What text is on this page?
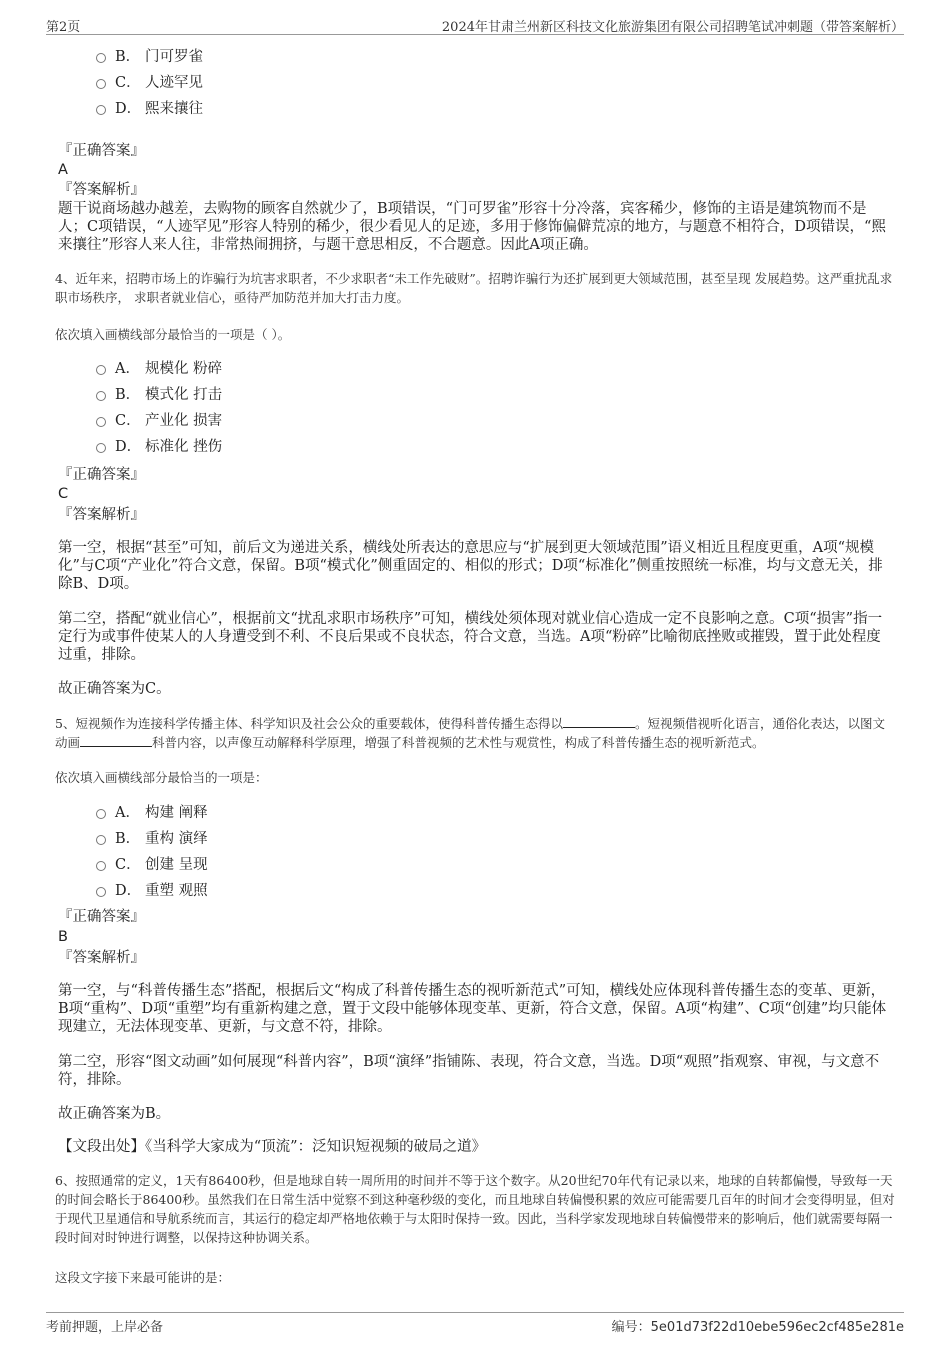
第2页	2024年甘肃兰州新区科技文化旅游集团有限公司招聘笔试冲刺题（带答案解析）
B． 门可罗雀
C． 人迹罕见
D． 熙来攘往
『正确答案』
A
『答案解析』
题干说商场越办越差，去购物的顾客自然就少了，B项错误，“门可罗雀”形容十分冷落，宾客稀少，修饰的主语是建筑物而不是人；C项错误，“人迹罕见”形容人特别的稀少，很少看见人的足迹，多用于修饰偏僻荒凉的地方，与题意不相符合，D项错误，“熙来攘往”形容人来人往，非常热闹拥挤，与题干意思相反，不合题意。因此A项正确。
4、近年来，招聘市场上的诈骗行为坑害求职者，不少求职者“未工作先破财”。招聘诈骗行为还扩展到更大领域范围，甚至呈现 发展趋势。这严重扰乱求职市场秩序， 求职者就业信心，亟待严加防范并加大打击力度。
依次填入画横线部分最恰当的一项是（ ）。
A． 规模化 粉碎
B． 模式化 打击
C． 产业化 损害
D． 标准化 挫伤
『正确答案』
C
『答案解析』
第一空，根据“甚至”可知，前后文为递进关系，横线处所表达的意思应与“扩展到更大领域范围”语义相近且程度更重，A项“规模化”与C项“产业化”符合文意，保留。B项“模式化”侧重固定的、相似的形式；D项“标准化”侧重按照统一标准，均与文意无关，排除B、D项。
第二空，搭配“就业信心”，根据前文“扰乱求职市场秩序”可知，横线处须体现对就业信心造成一定不良影响之意。C项“损害”指一定行为或事件使某人的人身遭受到不利、不良后果或不良状态，符合文意，当选。A项“粉碎”比喻彻底挫败或摧毁，置于此处程度过重，排除。
故正确答案为C。
5、短视频作为连接科学传播主体、科学知识及社会公众的重要载体，使得科普传播生态得以	。短视频借视听化语言，通俗化表达，以图文动画	科普内容，以声像互动解释科学原理，增强了科普视频的艺术性与观赏性，构成了科普传播生态的视听新范式。
依次填入画横线部分最恰当的一项是：
A． 构建 阐释
B． 重构 演绎
C． 创建 呈现
D． 重塑 观照
『正确答案』
B
『答案解析』
第一空，与“科普传播生态”搭配，根据后文“构成了科普传播生态的视听新范式”可知，横线处应体现科普传播生态的变革、更新，B项“重构”、D项“重塑”均有重新构建之意，置于文段中能够体现变革、更新，符合文意，保留。A项“构建”、C项“创建”均只能体现建立，无法体现变革、更新，与文意不符，排除。
第二空，形容“图文动画”如何展现“科普内容”，B项“演绎”指铺陈、表现，符合文意，当选。D项“观照”指观察、审视，与文意不符，排除。
故正确答案为B。
【文段出处】《当科学大家成为“顶流”：泛知识短视频的破局之道》
6、按照通常的定义，1天有86400秒，但是地球自转一周所用的时间并不等于这个数字。从20世纪70年代有记录以来，地球的自转都偏慢，导致每一天的时间会略长于86400秒。虽然我们在日常生活中觉察不到这种毫秒级的变化，而且地球自转偏慢积累的效应可能需要几百年的时间才会变得明显，但对于现代卫星通信和导航系统而言，其运行的稳定却严格地依赖于与太阳时保持一致。因此，当科学家发现地球自转偏慢带来的影响后，他们就需要每隔一段时间对时钟进行调整，以保持这种协调关系。
这段文字接下来最可能讲的是：
考前押题，上岸必备	编号：5e01d73f22d10ebe596ec2cf485e281e
